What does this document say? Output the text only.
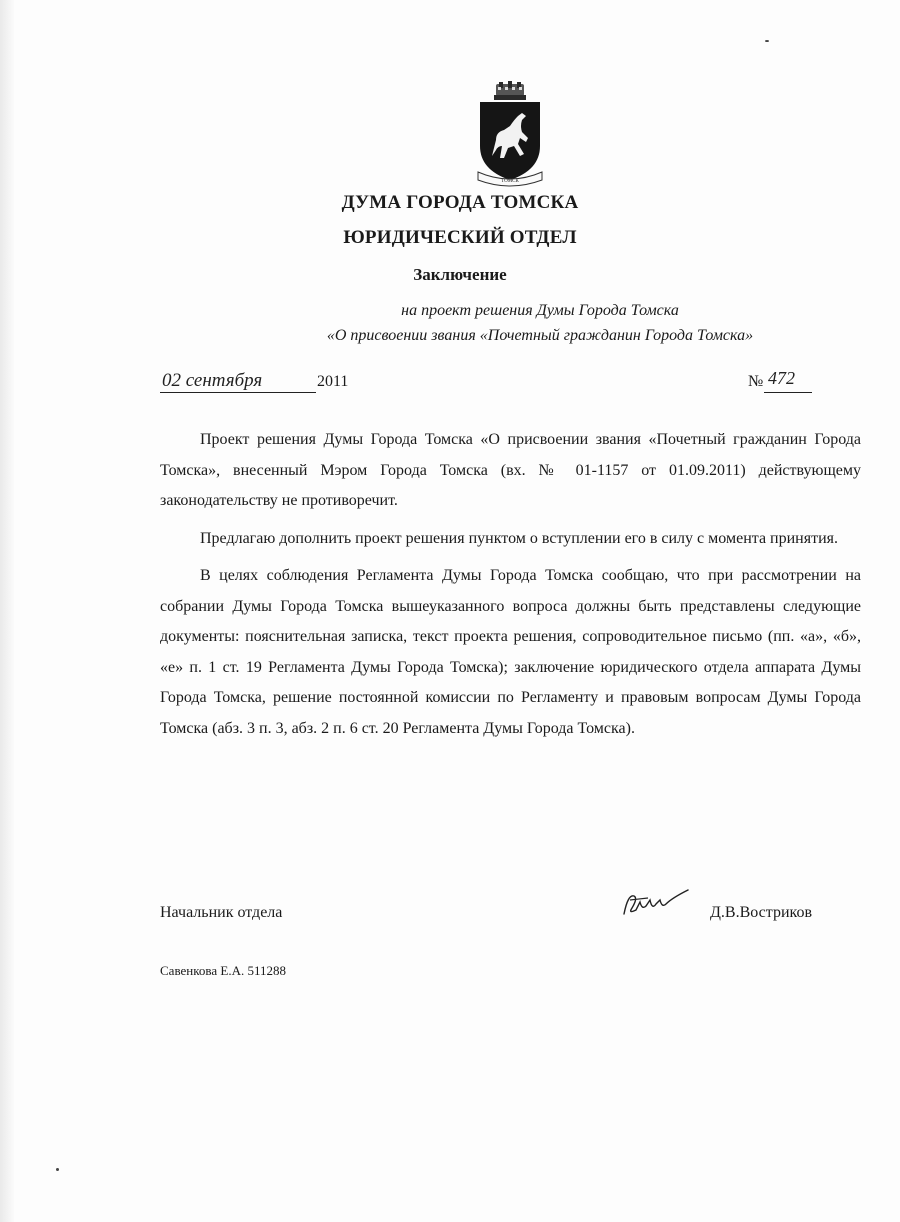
ТОМСК
ДУМА ГОРОДА ТОМСКА
ЮРИДИЧЕСКИЙ ОТДЕЛ
Заключение
на проект решения Думы Города Томска
«О присвоении звания «Почетный гражданин Города Томска»
02 сентября	2011	№ 472

Проект решения Думы Города Томска «О присвоении звания «Почетный гражданин Города Томска», внесенный Мэром Города Томска (вх. № 01-1157 от 01.09.2011) действующему законодательству не противоречит.

Предлагаю дополнить проект решения пунктом о вступлении его в силу с момента принятия.

В целях соблюдения Регламента Думы Города Томска сообщаю, что при рассмотрении на собрании Думы Города Томска вышеуказанного вопроса должны быть представлены следующие документы: пояснительная записка, текст проекта решения, сопроводительное письмо (пп. «а», «б», «е» п. 1 ст. 19 Регламента Думы Города Томска); заключение юридического отдела аппарата Думы Города Томска, решение постоянной комиссии по Регламенту и правовым вопросам Думы Города Томска (абз. 3 п. 3, абз. 2 п. 6 ст. 20 Регламента Думы Города Томска).

Начальник отдела	Д.В.Востриков
Савенкова Е.А. 511288
